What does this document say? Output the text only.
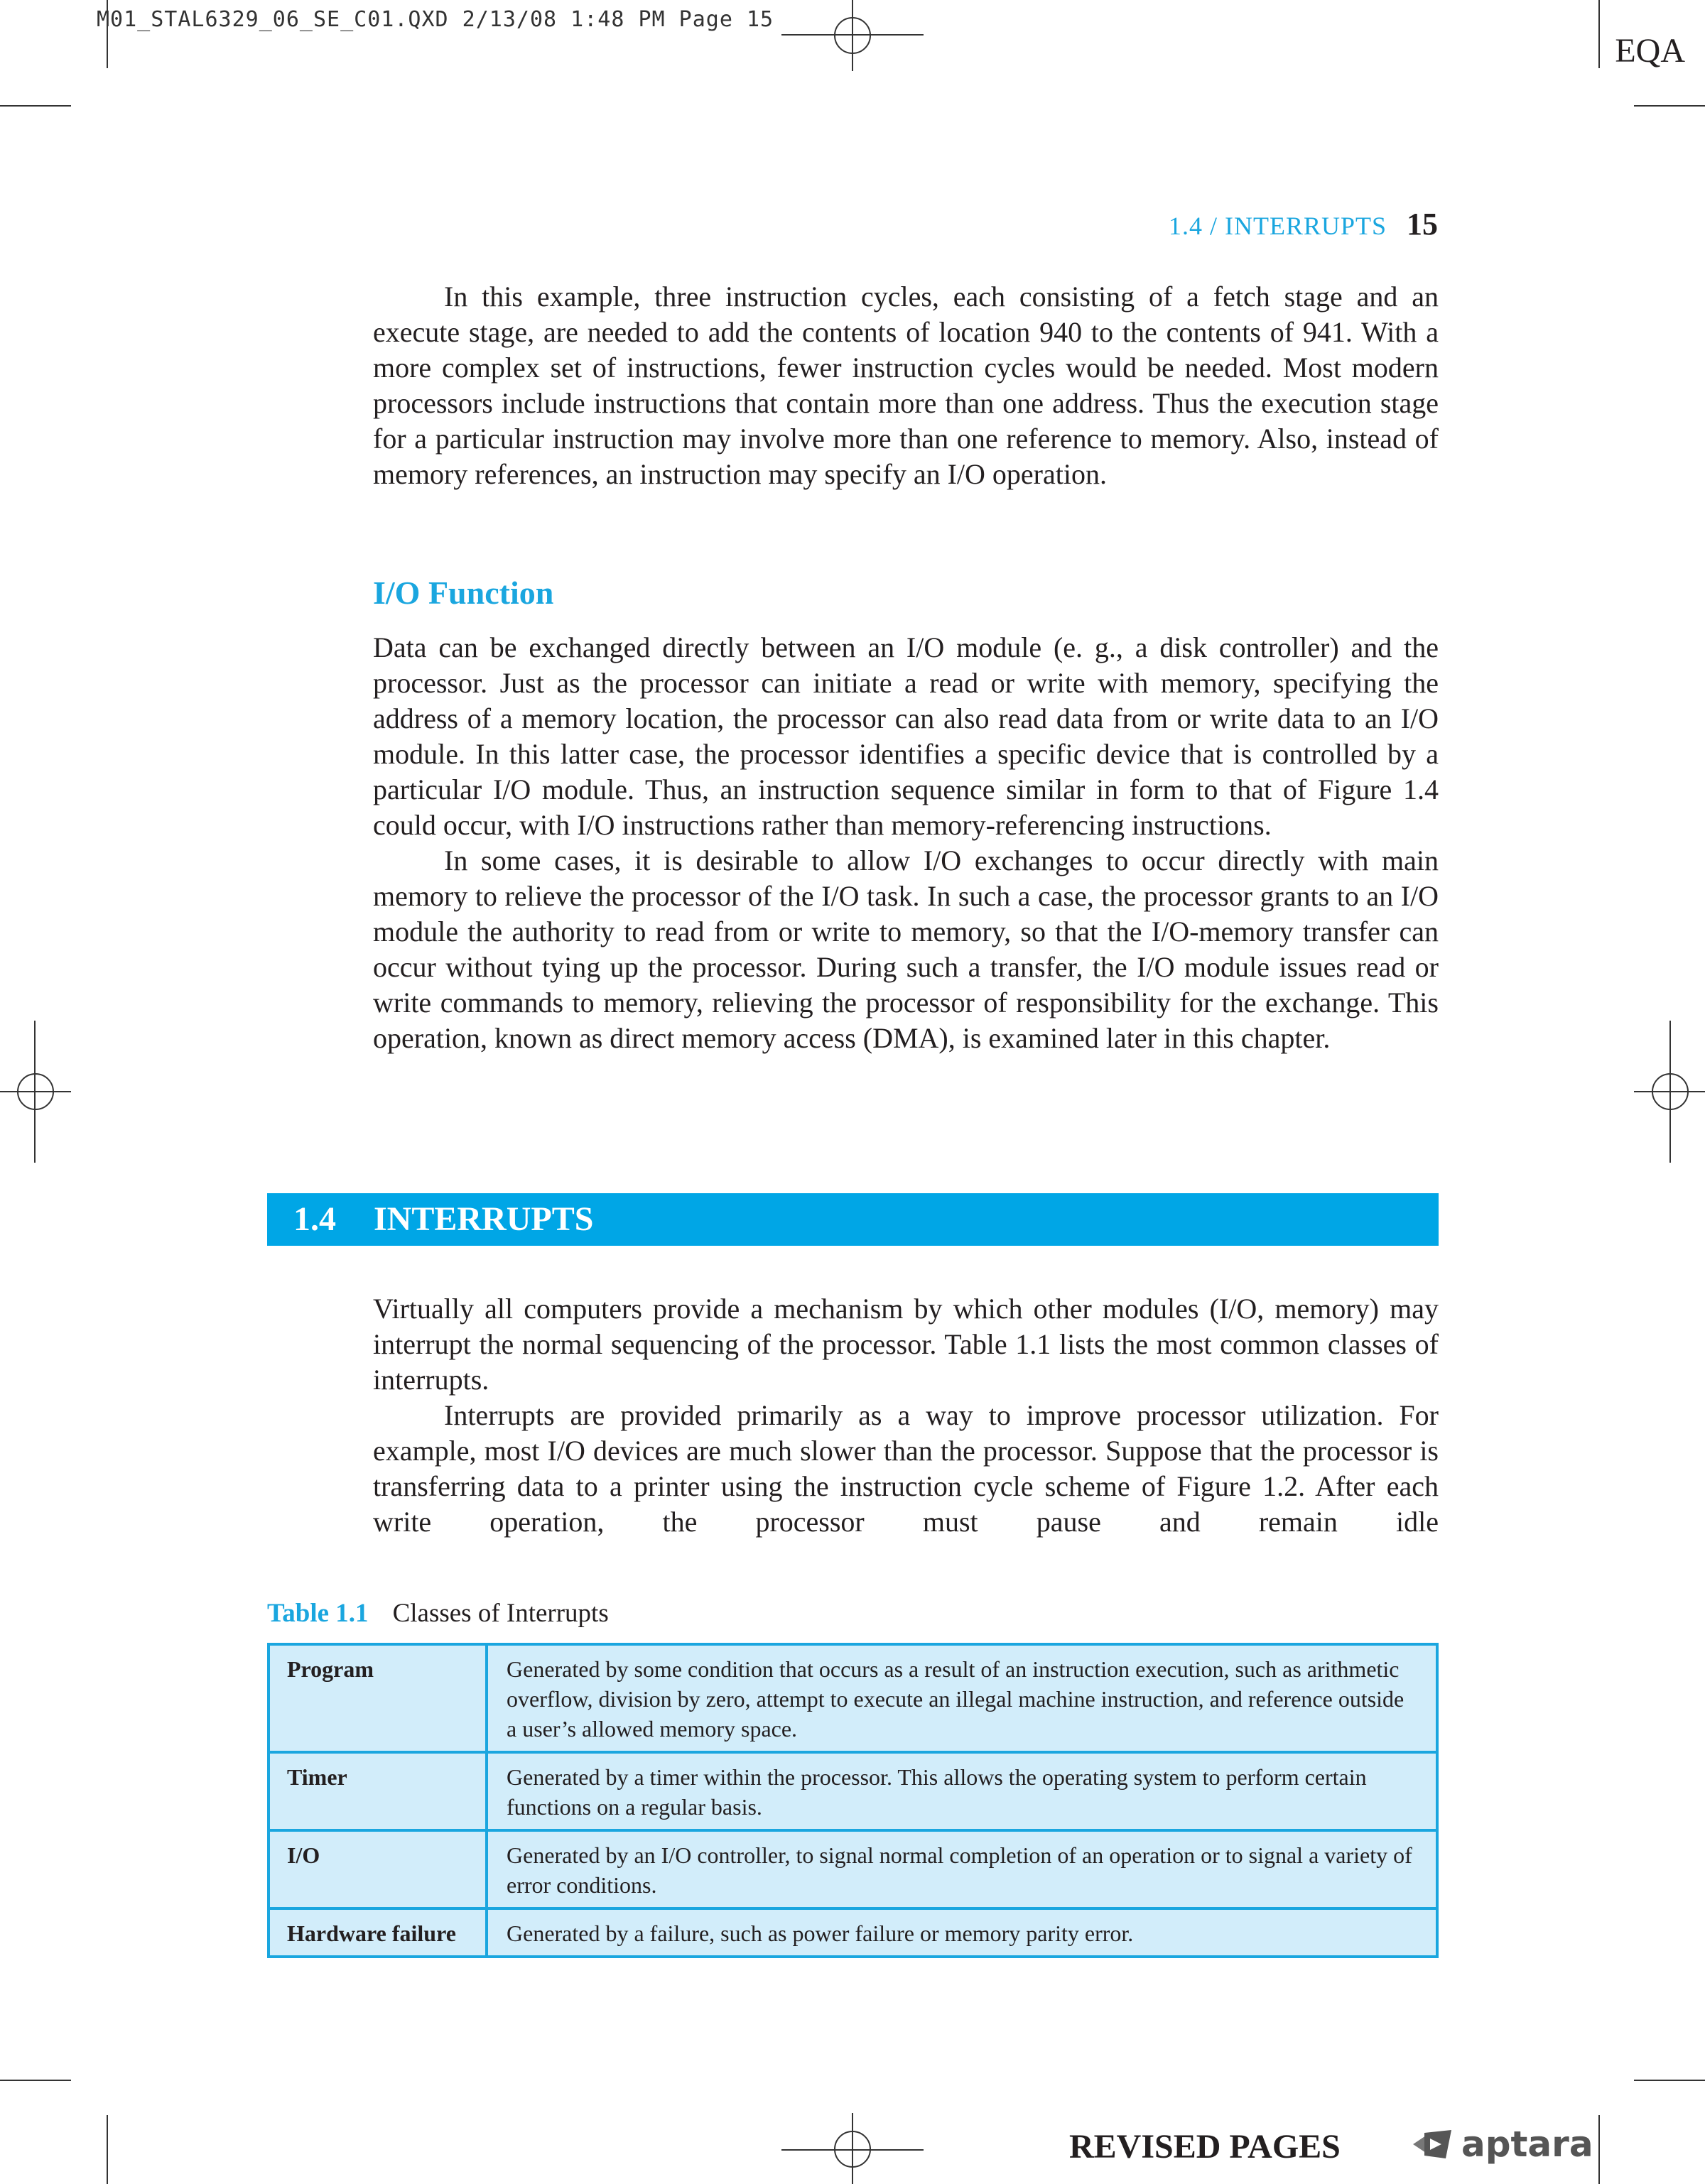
M01_STAL6329_06_SE_C01.QXD 2/13/08 1:48 PM Page 15
EQA
1.4 / INTERRUPTS 15

In this example, three instruction cycles, each consisting of a fetch stage and an execute stage, are needed to add the contents of location 940 to the contents of 941. With a more complex set of instructions, fewer instruction cycles would be needed. Most modern processors include instructions that contain more than one address. Thus the execution stage for a particular instruction may involve more than one reference to memory. Also, instead of memory references, an instruction may specify an I/O operation.

I/O Function

Data can be exchanged directly between an I/O module (e. g., a disk controller) and the processor. Just as the processor can initiate a read or write with memory, specifying the address of a memory location, the processor can also read data from or write data to an I/O module. In this latter case, the processor identifies a specific device that is controlled by a particular I/O module. Thus, an instruction sequence similar in form to that of Figure 1.4 could occur, with I/O instructions rather than memory-referencing instructions.

In some cases, it is desirable to allow I/O exchanges to occur directly with main memory to relieve the processor of the I/O task. In such a case, the processor grants to an I/O module the authority to read from or write to memory, so that the I/O-memory transfer can occur without tying up the processor. During such a transfer, the I/O module issues read or write commands to memory, relieving the processor of responsibility for the exchange. This operation, known as direct memory access (DMA), is examined later in this chapter.

1.4 INTERRUPTS

Virtually all computers provide a mechanism by which other modules (I/O, memory) may interrupt the normal sequencing of the processor. Table 1.1 lists the most common classes of interrupts.

Interrupts are provided primarily as a way to improve processor utilization. For example, most I/O devices are much slower than the processor. Suppose that the processor is transferring data to a printer using the instruction cycle scheme of Figure 1.2. After each write operation, the processor must pause and remain idle

Table 1.1 Classes of Interrupts
Program	Generated by some condition that occurs as a result of an instruction execution, such as arithmetic overflow, division by zero, attempt to execute an illegal machine instruction, and reference outside a user’s allowed memory space.
Timer	Generated by a timer within the processor. This allows the operating system to perform certain functions on a regular basis.
I/O	Generated by an I/O controller, to signal normal completion of an operation or to signal a variety of error conditions.
Hardware failure	Generated by a failure, such as power failure or memory parity error.
REVISED PAGES	aptara
